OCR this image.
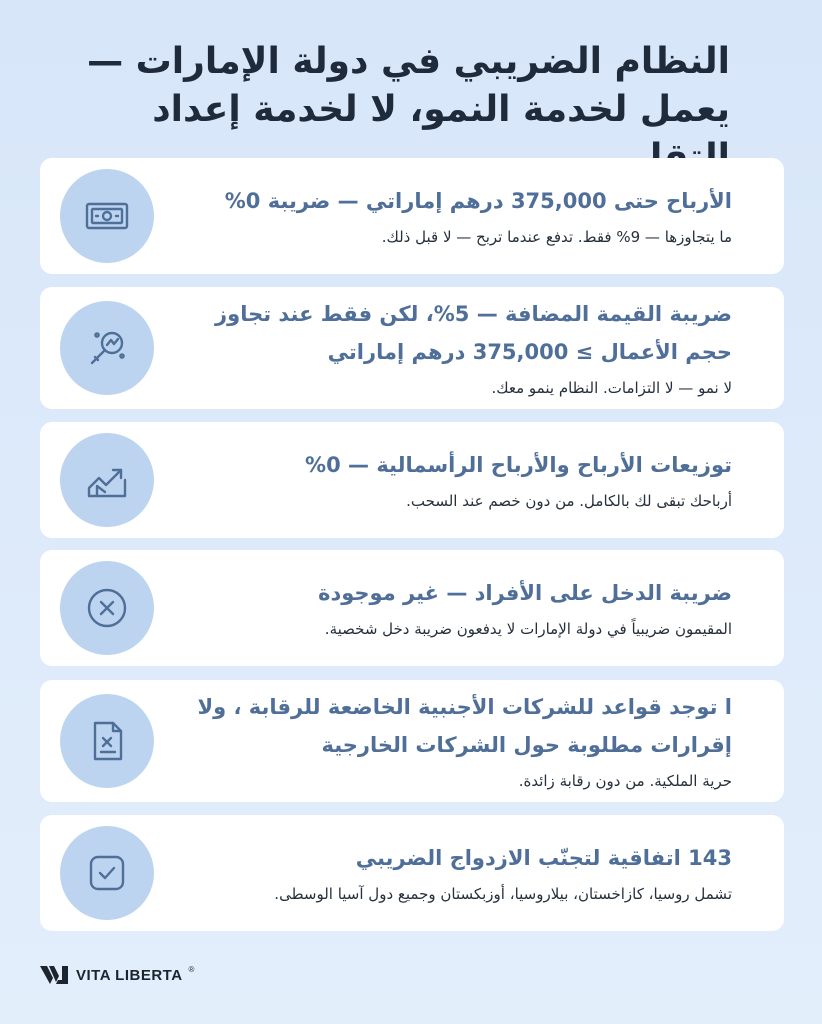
النظام الضريبي في دولة الإمارات — يعمل لخدمة النمو، لا لخدمة إعداد
الأرباح حتى 375,000 درهم إماراتي — ضريبة 0%
ما يتجاوزها — 9% فقط. تدفع عندما تربح — لا قبل ذلك.
ضريبة القيمة المضافة — 5%، لكن فقط عند تجاوز حجم الأعمال ≥ 375,000 درهم إماراتي
لا نمو — لا التزامات. النظام ينمو معك.
توزيعات الأرباح والأرباح الرأسمالية — 0%
أرباحك تبقى لك بالكامل. من دون خصم عند السحب.
ضريبة الدخل على الأفراد — غير موجودة
المقيمون ضريبياً في دولة الإمارات لا يدفعون ضريبة دخل شخصية.
ا توجد قواعد للشركات الأجنبية الخاضعة للرقابة ، ولا إقرارات مطلوبة حول الشركات الخارجية
حرية الملكية. من دون رقابة زائدة.
143 اتفاقية لتجنّب الازدواج الضريبي
تشمل روسيا، كازاخستان، بيلاروسيا، أوزبكستان وجميع دول آسيا الوسطى.
VITA LIBERTA ®
